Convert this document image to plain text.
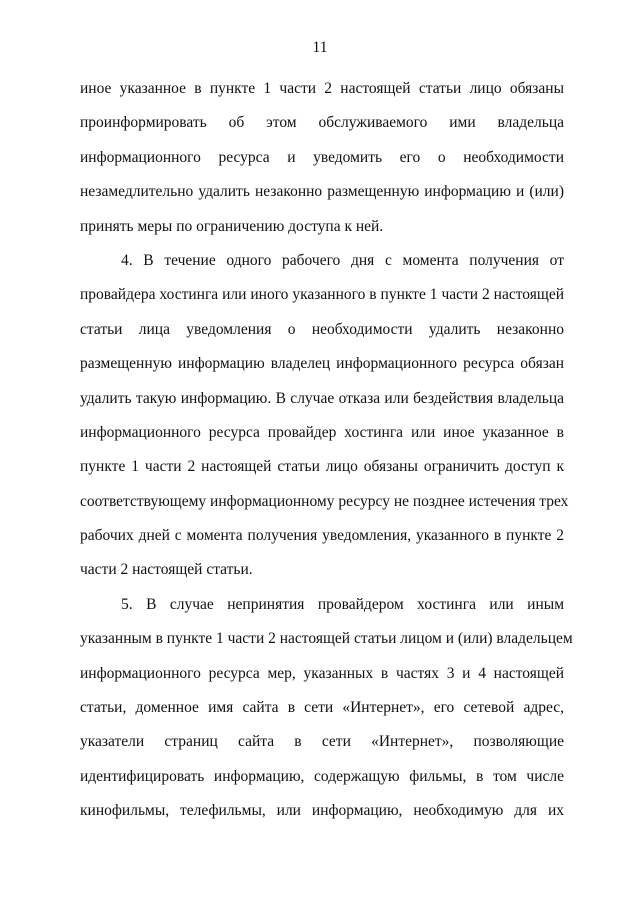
11
иное указанное в пункте 1 части 2 настоящей статьи лицо обязаны
проинформировать об этом обслуживаемого ими владельца
информационного ресурса и уведомить его о необходимости
незамедлительно удалить незаконно размещенную информацию и (или)
принять меры по ограничению доступа к ней.
4. В течение одного рабочего дня с момента получения от
провайдера хостинга или иного указанного в пункте 1 части 2 настоящей
статьи лица уведомления о необходимости удалить незаконно
размещенную информацию владелец информационного ресурса обязан
удалить такую информацию. В случае отказа или бездействия владельца
информационного ресурса провайдер хостинга или иное указанное в
пункте 1 части 2 настоящей статьи лицо обязаны ограничить доступ к
соответствующему информационному ресурсу не позднее истечения трех
рабочих дней с момента получения уведомления, указанного в пункте 2
части 2 настоящей статьи.
5. В случае непринятия провайдером хостинга или иным
указанным в пункте 1 части 2 настоящей статьи лицом и (или) владельцем
информационного ресурса мер, указанных в частях 3 и 4 настоящей
статьи, доменное имя сайта в сети «Интернет», его сетевой адрес,
указатели страниц сайта в сети «Интернет», позволяющие
идентифицировать информацию, содержащую фильмы, в том числе
кинофильмы, телефильмы, или информацию, необходимую для их
